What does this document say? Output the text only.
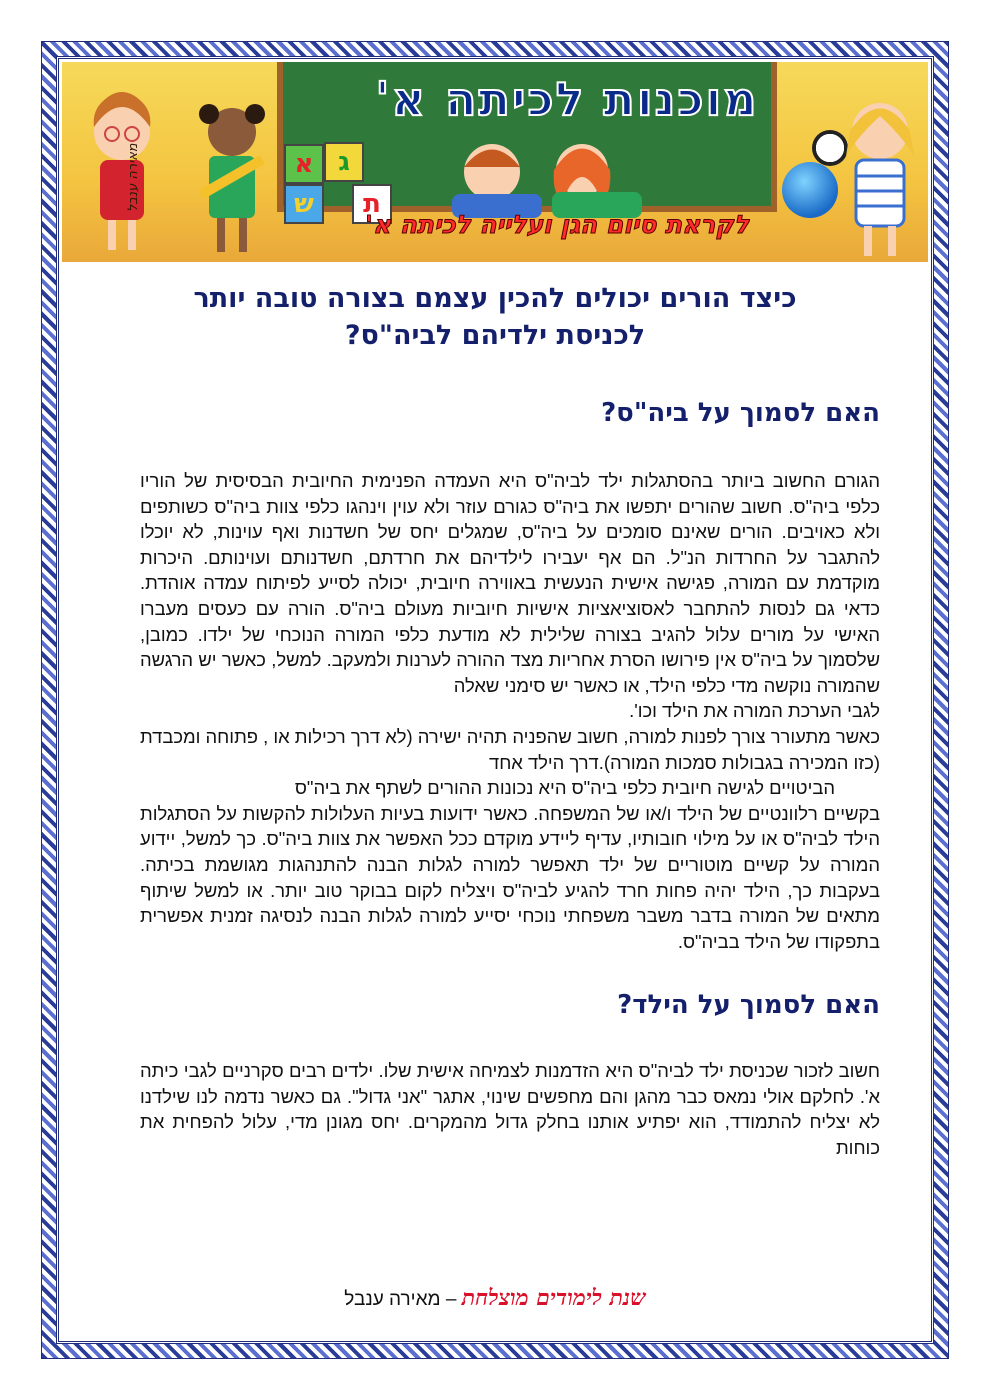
מוכנות לכיתה א'
ג
א
ת
ש
לקראת סיום הגן ועלייה לכיתה א'
מאירה ענבל
כיצד הורים יכולים להכין עצמם בצורה טובה יותר
לכניסת ילדיהם לביה"ס?
האם לסמוך על ביה"ס?

הגורם החשוב ביותר בהסתגלות ילד לביה"ס היא העמדה הפנימית החיובית הבסיסית של הוריו כלפי ביה"ס. חשוב שהורים יתפשו את ביה"ס כגורם עוזר ולא עוין וינהגו כלפי צוות ביה"ס כשותפים ולא כאויבים. הורים שאינם סומכים על ביה"ס, שמגלים יחס של חשדנות ואף עוינות, לא יוכלו להתגבר על החרדות הנ"ל. הם אף יעבירו לילדיהם את חרדתם, חשדנותם ועוינותם. היכרות מוקדמת עם המורה, פגישה אישית הנעשית באווירה חיובית, יכולה לסייע לפיתוח עמדה אוהדת. כדאי גם לנסות להתחבר לאסוציאציות אישיות חיוביות מעולם ביה"ס. הורה עם כעסים מעברו האישי על מורים עלול להגיב בצורה שלילית לא מודעת כלפי המורה הנוכחי של ילדו. כמובן, שלסמוך על ביה"ס אין פירושו הסרת אחריות מצד ההורה לערנות ולמעקב. למשל, כאשר יש הרגשה שהמורה נוקשה מדי כלפי הילד, או כאשר יש סימני שאלה

לגבי הערכת המורה את הילד וכו'.

כאשר מתעורר צורך לפנות למורה, חשוב שהפניה תהיה ישירה (לא דרך רכילות או , פתוחה ומכבדת (כזו המכירה בגבולות סמכות המורה).דרך הילד אחד

הביטויים לגישה חיובית כלפי ביה"ס היא נכונות ההורים לשתף את ביה"ס

בקשיים רלוונטיים של הילד ו/או של המשפחה. כאשר ידועות בעיות העלולות להקשות על הסתגלות הילד לביה"ס או על מילוי חובותיו, עדיף ליידע מוקדם ככל האפשר את צוות ביה"ס. כך למשל, יידוע המורה על קשיים מוטוריים של ילד תאפשר למורה לגלות הבנה להתנהגות מגושמת בכיתה. בעקבות כך, הילד יהיה פחות חרד להגיע לביה"ס ויצליח לקום בבוקר טוב יותר. או למשל שיתוף מתאים של המורה בדבר משבר משפחתי נוכחי יסייע למורה לגלות הבנה לנסיגה זמנית אפשרית בתפקודו של הילד בביה"ס.

האם לסמוך על הילד?

חשוב לזכור שכניסת ילד לביה"ס היא הזדמנות לצמיחה אישית שלו. ילדים רבים סקרניים לגבי כיתה א'. לחלקם אולי נמאס כבר מהגן והם מחפשים שינוי, אתגר "אני גדול". גם כאשר נדמה לנו שילדנו לא יצליח להתמודד, הוא יפתיע אותנו בחלק גדול מהמקרים. יחס מגונן מדי, עלול להפחית את כוחות

שנת לימודים מוצלחת – מאירה ענבל
